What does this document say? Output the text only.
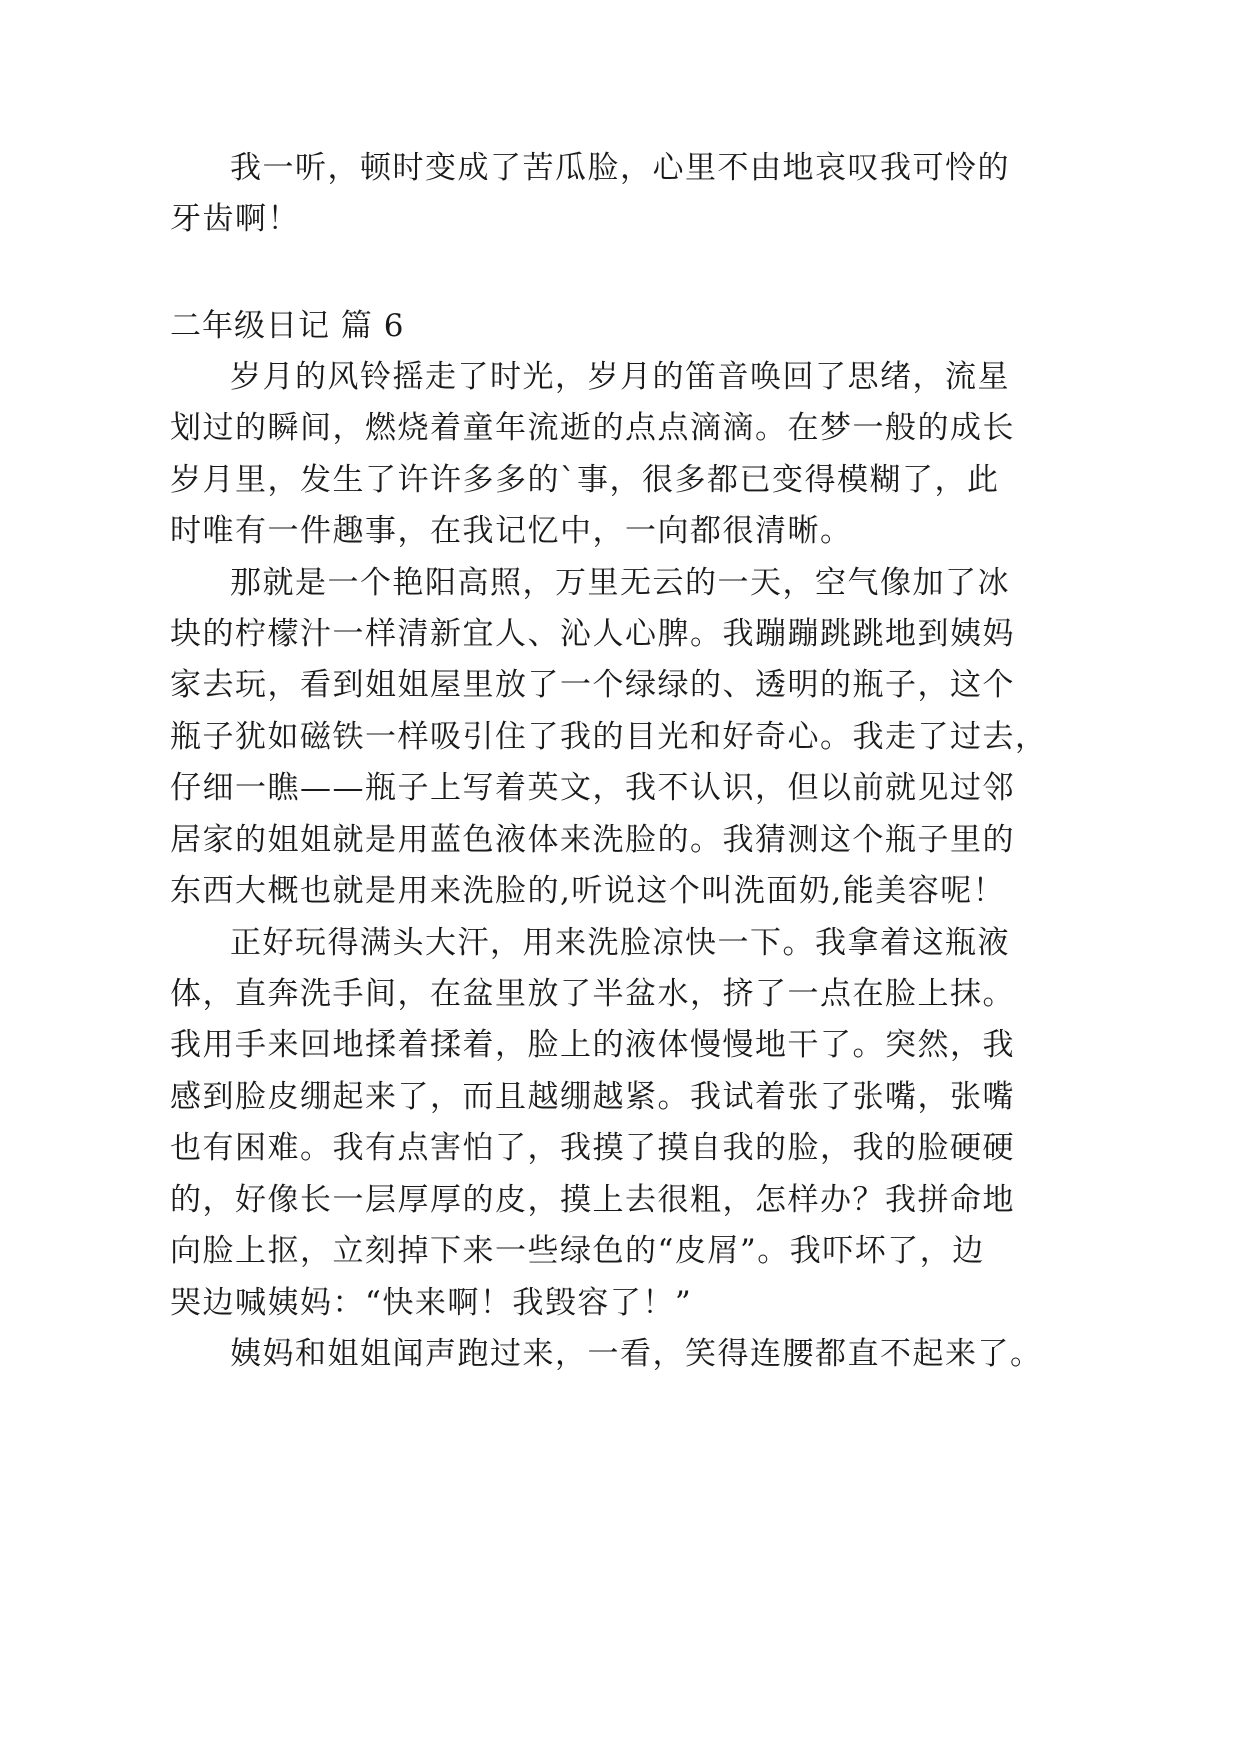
我一听，顿时变成了苦瓜脸，心里不由地哀叹我可怜的
牙齿啊！
二年级日记 篇 6
岁月的风铃摇走了时光，岁月的笛音唤回了思绪，流星
划过的瞬间，燃烧着童年流逝的点点滴滴。在梦一般的成长
岁月里，发生了许许多多的`事，很多都已变得模糊了，此
时唯有一件趣事，在我记忆中，一向都很清晰。
那就是一个艳阳高照，万里无云的一天，空气像加了冰
块的柠檬汁一样清新宜人、沁人心脾。我蹦蹦跳跳地到姨妈
家去玩，看到姐姐屋里放了一个绿绿的、透明的瓶子，这个
瓶子犹如磁铁一样吸引住了我的目光和好奇心。我走了过去，
仔细一瞧——瓶子上写着英文，我不认识，但以前就见过邻
居家的姐姐就是用蓝色液体来洗脸的。我猜测这个瓶子里的
东西大概也就是用来洗脸的,听说这个叫洗面奶,能美容呢！
正好玩得满头大汗，用来洗脸凉快一下。我拿着这瓶液
体，直奔洗手间，在盆里放了半盆水，挤了一点在脸上抹。
我用手来回地揉着揉着，脸上的液体慢慢地干了。突然，我
感到脸皮绷起来了，而且越绷越紧。我试着张了张嘴，张嘴
也有困难。我有点害怕了，我摸了摸自我的脸，我的脸硬硬
的，好像长一层厚厚的皮，摸上去很粗，怎样办？我拼命地
向脸上抠，立刻掉下来一些绿色的“皮屑”。我吓坏了，边
哭边喊姨妈：“快来啊！我毁容了！”
姨妈和姐姐闻声跑过来，一看，笑得连腰都直不起来了。
